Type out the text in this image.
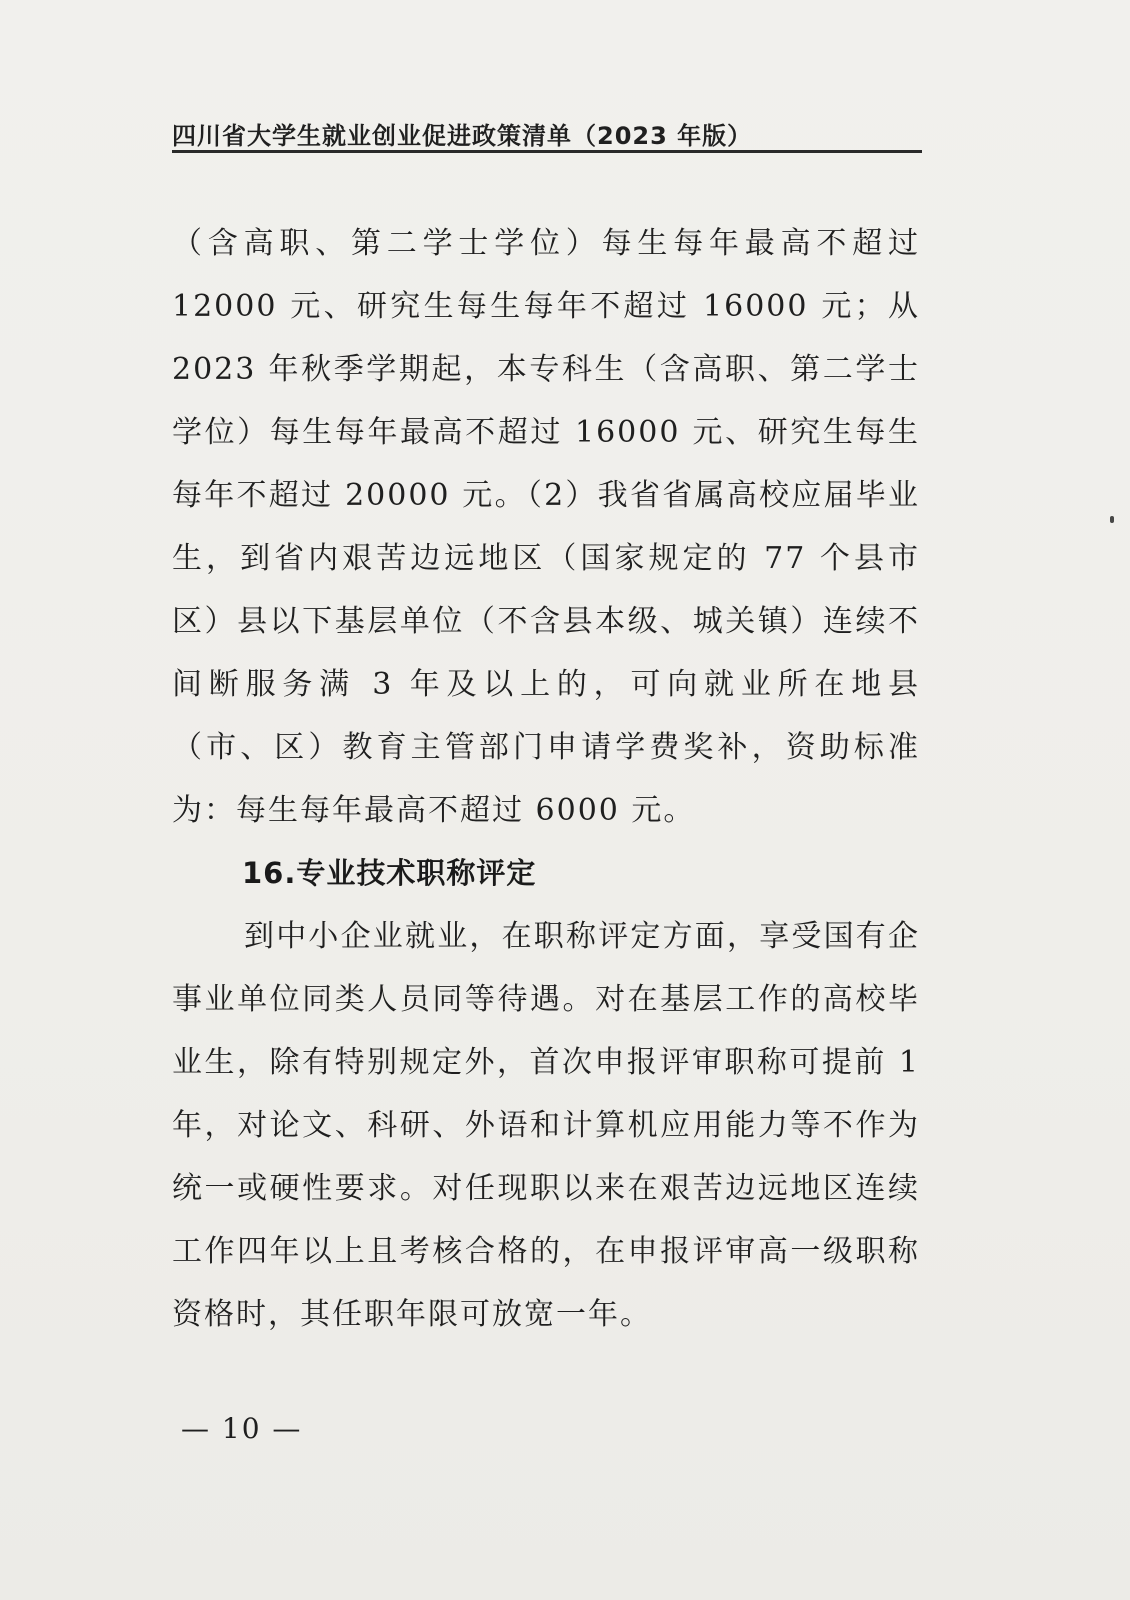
四川省大学生就业创业促进政策清单（2023 年版）

（含高职、第二学士学位）每生每年最高不超过12000 元、研究生每生每年不超过 16000 元；从 2023 年秋季学期起，本专科生（含高职、第二学士学位）每生每年最高不超过 16000 元、研究生每生每年不超过 20000 元。（2）我省省属高校应届毕业生，到省内艰苦边远地区（国家规定的 77 个县市区）县以下基层单位（不含县本级、城关镇）连续不间断服务满 3 年及以上的，可向就业所在地县（市、区）教育主管部门申请学费奖补，资助标准为：每生每年最高不超过 6000 元。

16.专业技术职称评定

到中小企业就业，在职称评定方面，享受国有企事业单位同类人员同等待遇。对在基层工作的高校毕业生，除有特别规定外，首次申报评审职称可提前 1 年，对论文、科研、外语和计算机应用能力等不作为统一或硬性要求。对任现职以来在艰苦边远地区连续工作四年以上且考核合格的，在申报评审高一级职称资格时，其任职年限可放宽一年。

— 10 —
